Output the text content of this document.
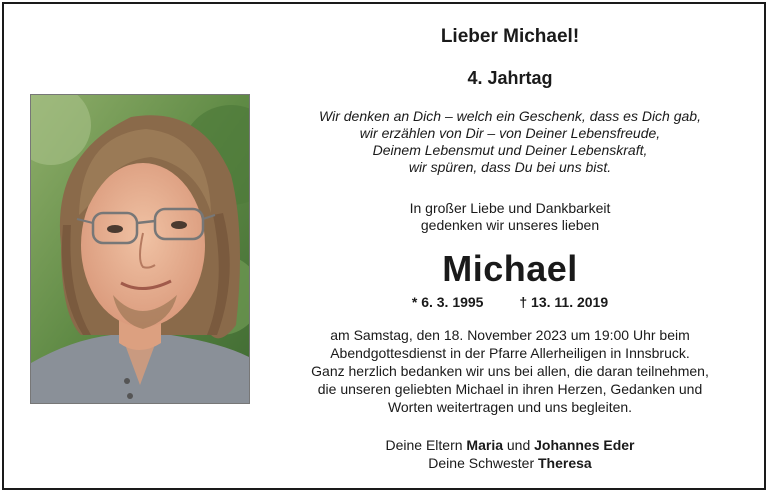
Lieber Michael!
4. Jahrtag
Wir denken an Dich – welch ein Geschenk, dass es Dich gab,
wir erzählen von Dir – von Deiner Lebensfreude,
Deinem Lebensmut und Deiner Lebenskraft,
wir spüren, dass Du bei uns bist.
In großer Liebe und Dankbarkeit
gedenken wir unseres lieben
Michael
* 6. 3. 1995	† 13. 11. 2019
am Samstag, den 18. November 2023 um 19:00 Uhr beim
Abendgottesdienst in der Pfarre Allerheiligen in Innsbruck.
Ganz herzlich bedanken wir uns bei allen, die daran teilnehmen,
die unseren geliebten Michael in ihren Herzen, Gedanken und
Worten weitertragen und uns begleiten.
Deine Eltern Maria und Johannes Eder
Deine Schwester Theresa
